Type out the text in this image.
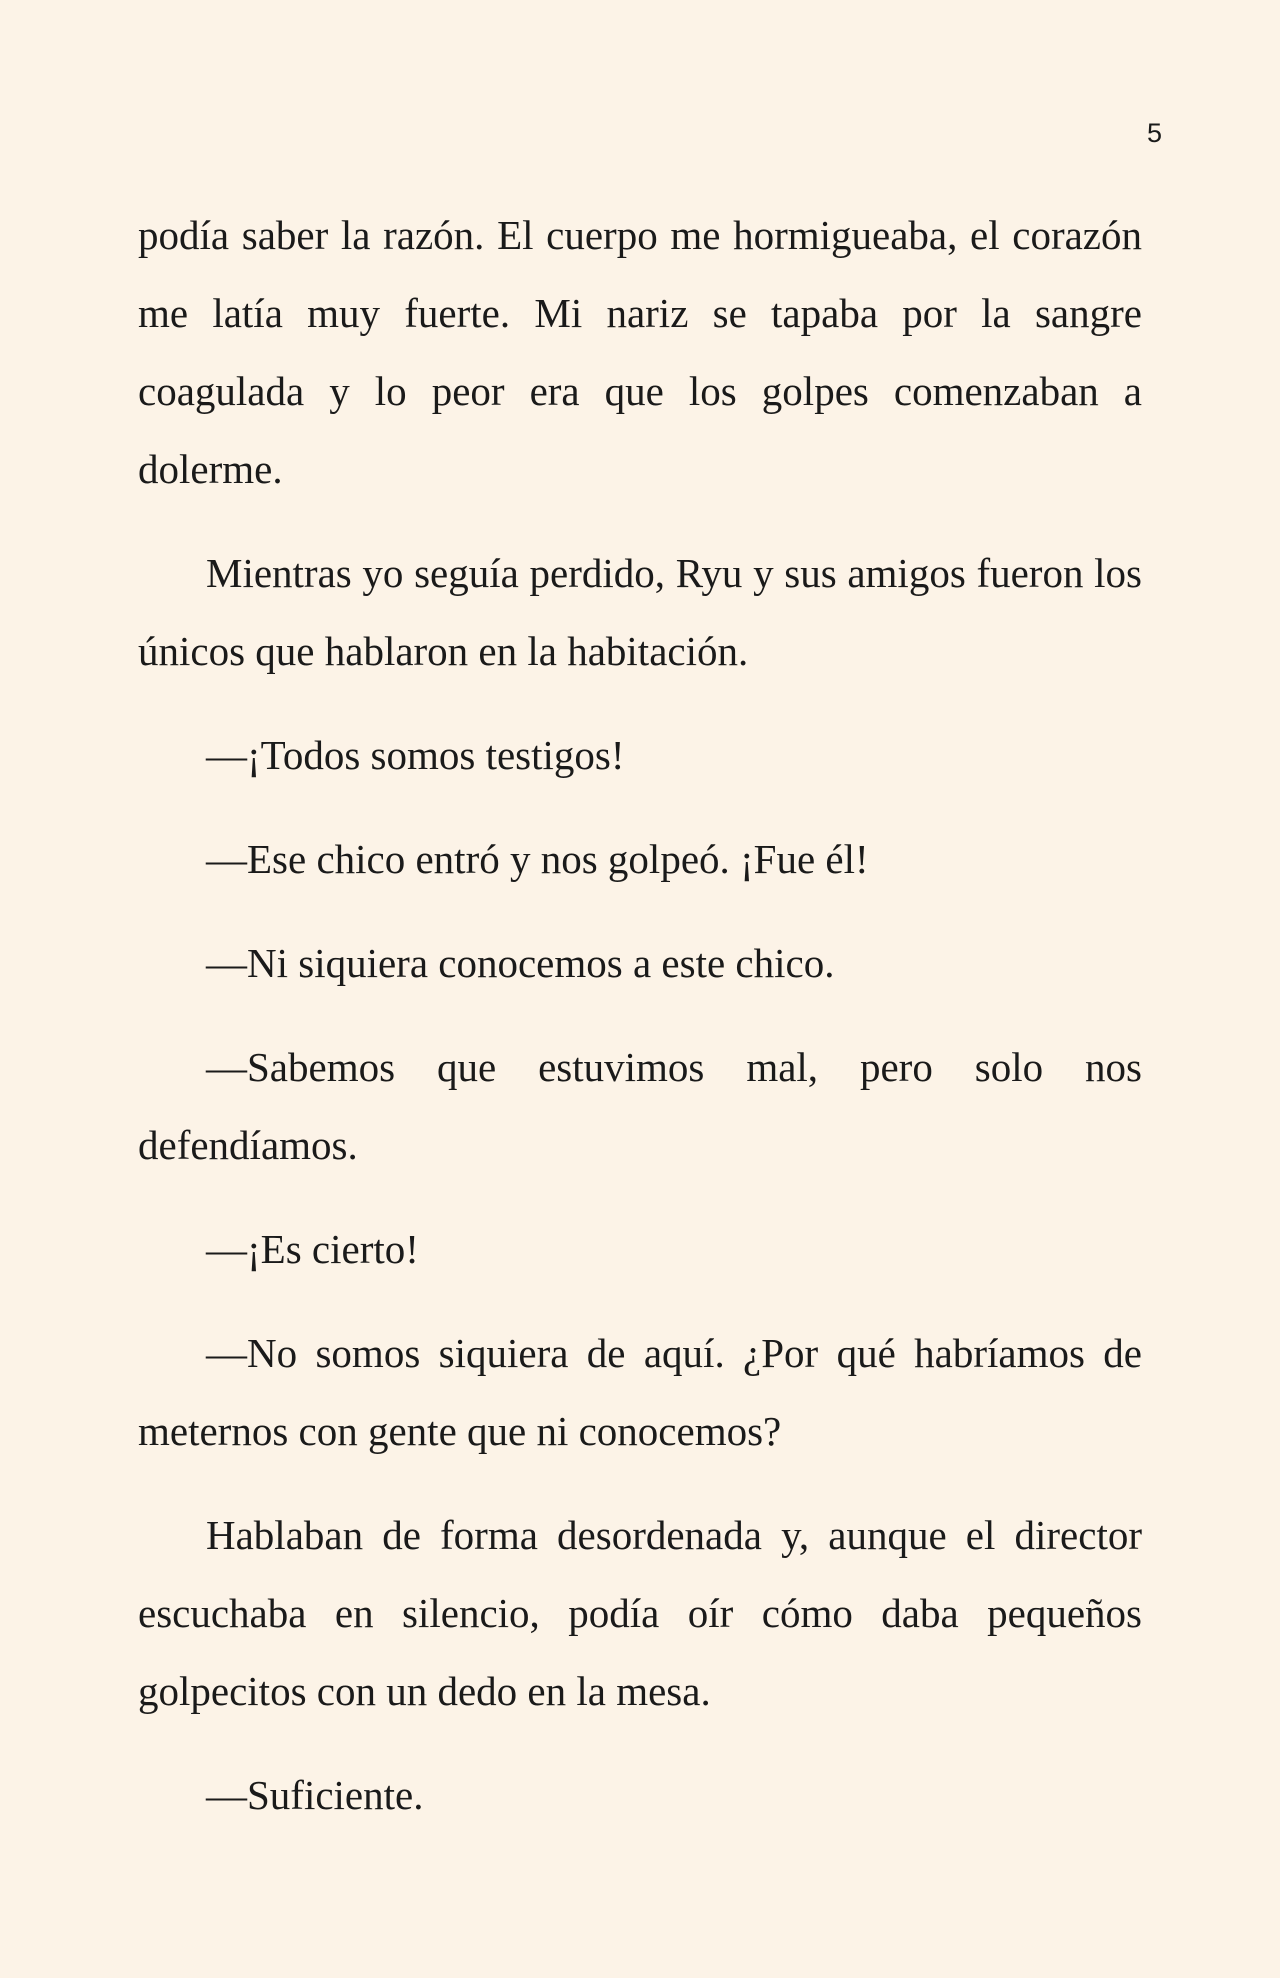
5

podía saber la razón. El cuerpo me hormigueaba, el corazón me latía muy fuerte. Mi nariz se tapaba por la sangre coagulada y lo peor era que los golpes comenzaban a dolerme.

Mientras yo seguía perdido, Ryu y sus amigos fueron los únicos que hablaron en la habitación.

—¡Todos somos testigos!

—Ese chico entró y nos golpeó. ¡Fue él!

—Ni siquiera conocemos a este chico.

—Sabemos que estuvimos mal, pero solo nos defendíamos.

—¡Es cierto!

—No somos siquiera de aquí. ¿Por qué habríamos de meternos con gente que ni conocemos?

Hablaban de forma desordenada y, aunque el director escuchaba en silencio, podía oír cómo daba pequeños golpecitos con un dedo en la mesa.

—Suficiente.
